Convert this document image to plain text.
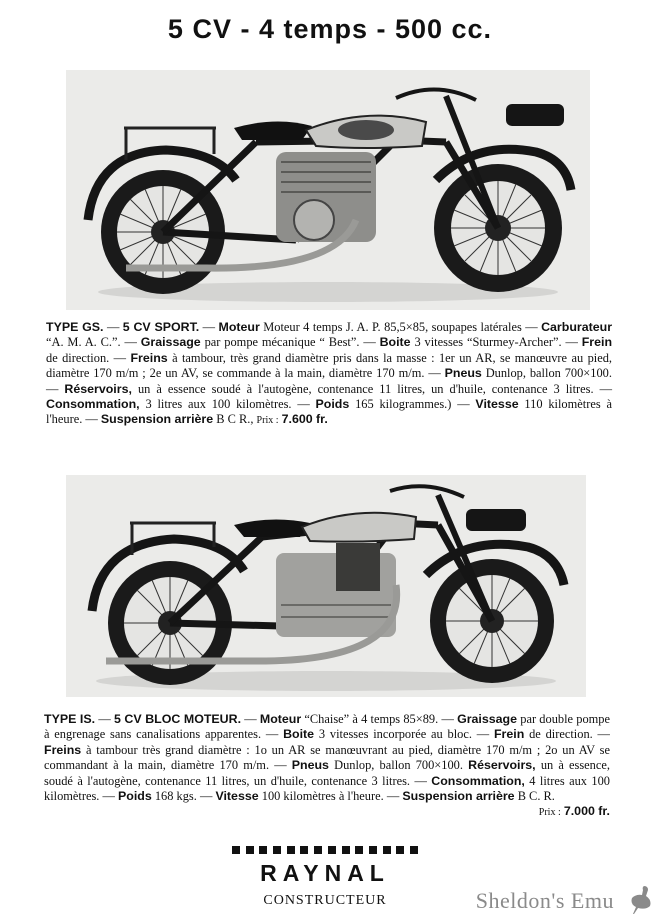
5 CV - 4 temps - 500 cc.
TYPE GS. — 5 CV SPORT. — Moteur Moteur 4 temps J. A. P. 85,5×85, soupapes latérales — Carburateur “A. M. A. C.”. — Graissage par pompe mécanique “ Best”. — Boite 3 vitesses “Sturmey-Archer”. — Frein de direction. — Freins à tambour, très grand diamètre pris dans la masse : 1er un AR, se manœuvre au pied, diamètre 170 m/m ; 2e un AV, se commande à la main, diamètre 170 m/m. — Pneus Dunlop, ballon 700×100. — Réservoirs, un à essence soudé à l'autogène, contenance 11 litres, un d'huile, contenance 3 litres. — Consommation, 3 litres aux 100 kilomètres. — Poids 165 kilogrammes.) — Vitesse 110 kilomètres à l'heure. — Suspension arrière B C R., Prix : 7.600 fr.
TYPE IS. — 5 CV BLOC MOTEUR. — Moteur “Chaise” à 4 temps 85×89. — Graissage par double pompe à engrenage sans canalisations apparentes. — Boite 3 vitesses incorporée au bloc. — Frein de direction. — Freins à tambour très grand diamètre : 1o un AR se manœuvrant au pied, diamètre 170 m/m ; 2o un AV se commandant à la main, diamètre 170 m/m. — Pneus Dunlop, ballon 700×100. Réservoirs, un à essence, soudé à l'autogène, contenance 11 litres, un d'huile, contenance 3 litres. — Consommation, 4 litres aux 100 kilomètres. — Poids 168 kgs. — Vitesse 100 kilomètres à l'heure. — Suspension arrière B C. R.
Prix : 7.000 fr.
RAYNAL
CONSTRUCTEUR	Sheldon's Emu
